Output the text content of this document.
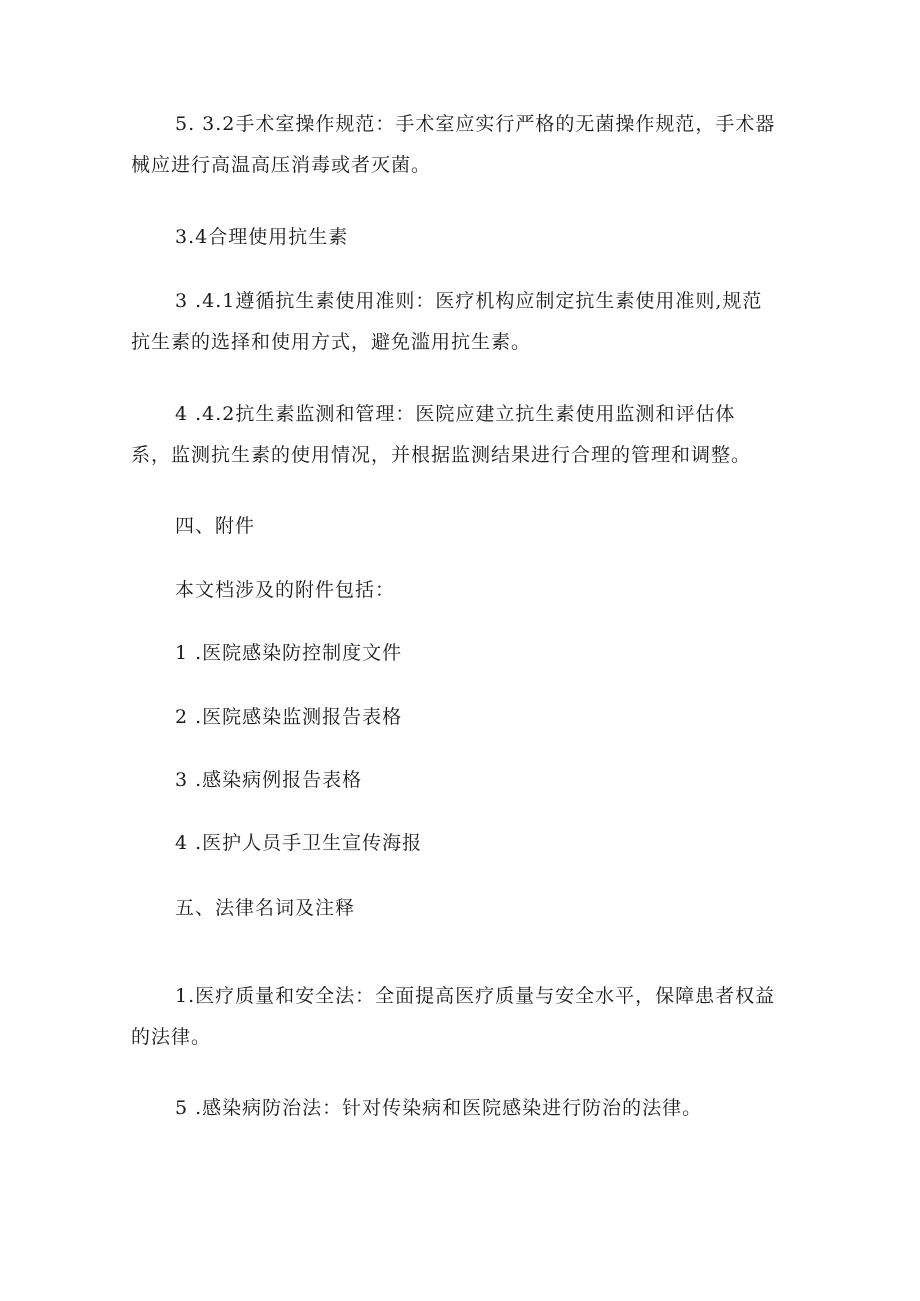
5. 3.2手术室操作规范：手术室应实行严格的无菌操作规范，手术器
械应进行高温高压消毒或者灭菌。
3.4合理使用抗生素
3 .4.1遵循抗生素使用准则：医疗机构应制定抗生素使用准则,规范
抗生素的选择和使用方式，避免滥用抗生素。
4 .4.2抗生素监测和管理：医院应建立抗生素使用监测和评估体
系，监测抗生素的使用情况，并根据监测结果进行合理的管理和调整。
四、附件
本文档涉及的附件包括：
1 .医院感染防控制度文件
2 .医院感染监测报告表格
3 .感染病例报告表格
4 .医护人员手卫生宣传海报
五、法律名词及注释
1.医疗质量和安全法：全面提高医疗质量与安全水平，保障患者权益
的法律。
5 .感染病防治法：针对传染病和医院感染进行防治的法律。
